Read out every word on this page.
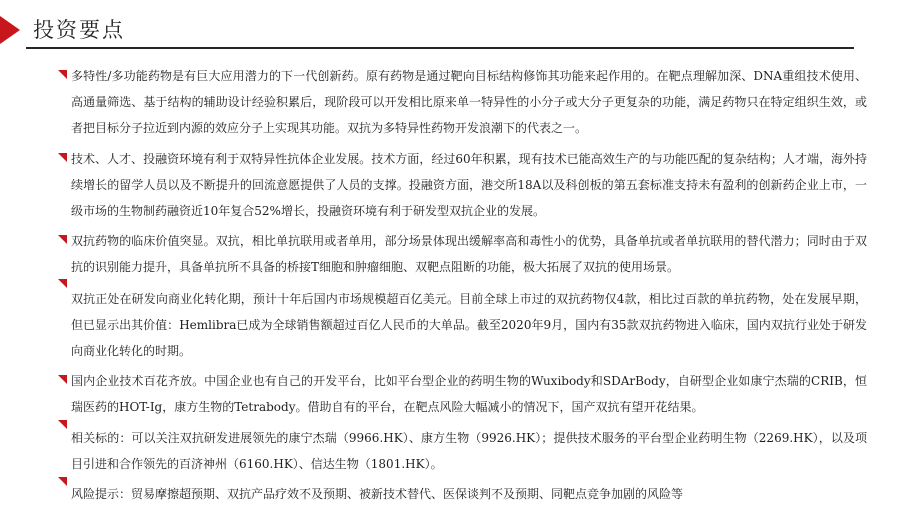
投资要点

多特性/多功能药物是有巨大应用潜力的下一代创新药。原有药物是通过靶向目标结构修饰其功能来起作用的。在靶点理解加深、DNA重组技术使用、高通量筛选、基于结构的辅助设计经验积累后，现阶段可以开发相比原来单一特异性的小分子或大分子更复杂的功能，满足药物只在特定组织生效，或者把目标分子拉近到内源的效应分子上实现其功能。双抗为多特异性药物开发浪潮下的代表之一。

技术、人才、投融资环境有利于双特异性抗体企业发展。技术方面，经过60年积累，现有技术已能高效生产的与功能匹配的复杂结构；人才端，海外持续增长的留学人员以及不断提升的回流意愿提供了人员的支撑。投融资方面，港交所18A以及科创板的第五套标准支持未有盈利的创新药企业上市，一级市场的生物制药融资近10年复合52%增长，投融资环境有利于研发型双抗企业的发展。

双抗药物的临床价值突显。双抗，相比单抗联用或者单用，部分场景体现出缓解率高和毒性小的优势，具备单抗或者单抗联用的替代潜力；同时由于双抗的识别能力提升，具备单抗所不具备的桥接T细胞和肿瘤细胞、双靶点阻断的功能，极大拓展了双抗的使用场景。

双抗正处在研发向商业化转化期，预计十年后国内市场规模超百亿美元。目前全球上市过的双抗药物仅4款，相比过百款的单抗药物，处在发展早期，但已显示出其价值：Hemlibra已成为全球销售额超过百亿人民币的大单品。截至2020年9月，国内有35款双抗药物进入临床，国内双抗行业处于研发向商业化转化的时期。

国内企业技术百花齐放。中国企业也有自己的开发平台，比如平台型企业的药明生物的Wuxibody和SDArBody，自研型企业如康宁杰瑞的CRIB，恒瑞医药的HOT-Ig，康方生物的Tetrabody。借助自有的平台，在靶点风险大幅减小的情况下，国产双抗有望开花结果。

相关标的：可以关注双抗研发进展领先的康宁杰瑞（9966.HK）、康方生物（9926.HK）；提供技术服务的平台型企业药明生物（2269.HK），以及项目引进和合作领先的百济神州（6160.HK）、信达生物（1801.HK）。

风险提示：贸易摩擦超预期、双抗产品疗效不及预期、被新技术替代、医保谈判不及预期、同靶点竞争加剧的风险等
